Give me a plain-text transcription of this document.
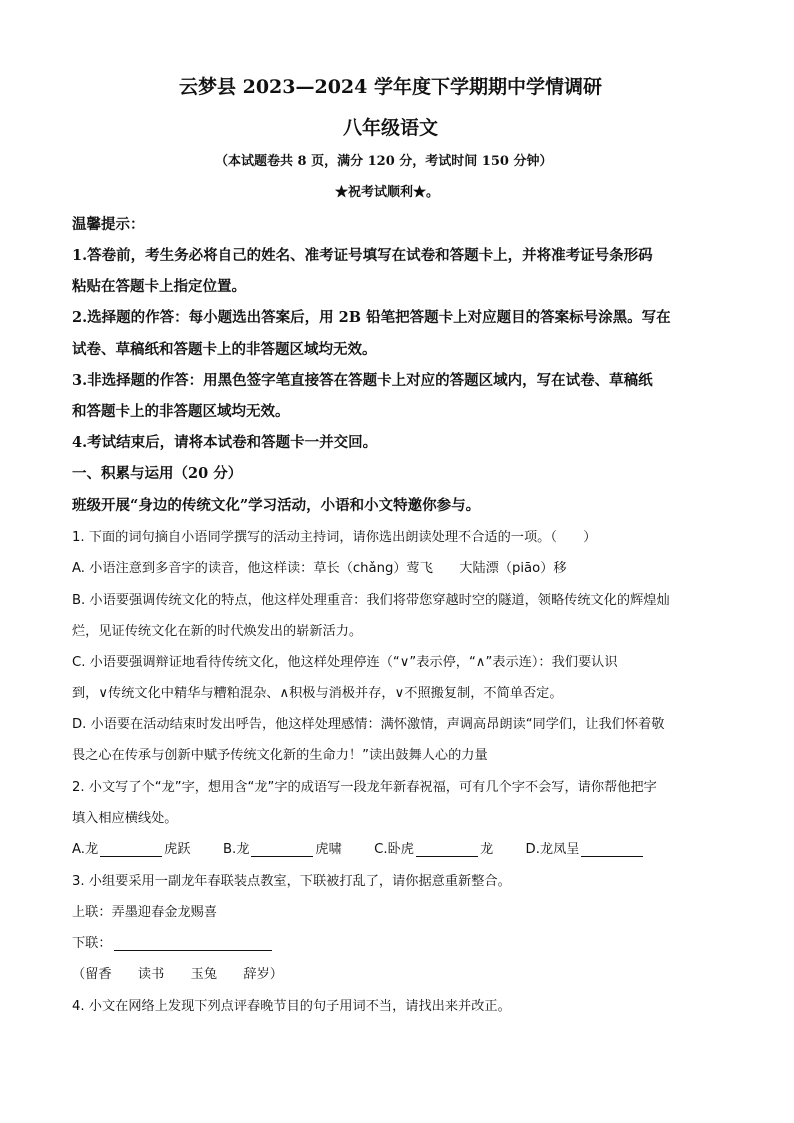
云梦县 2023—2024 学年度下学期期中学情调研
八年级语文
（本试题卷共 8 页，满分 120 分，考试时间 150 分钟）
★祝考试顺利★。
温馨提示：
1.答卷前，考生务必将自己的姓名、准考证号填写在试卷和答题卡上，并将准考证号条形码
粘贴在答题卡上指定位置。
2.选择题的作答：每小题选出答案后，用 2B 铅笔把答题卡上对应题目的答案标号涂黑。写在
试卷、草稿纸和答题卡上的非答题区域均无效。
3.非选择题的作答：用黑色签字笔直接答在答题卡上对应的答题区域内，写在试卷、草稿纸
和答题卡上的非答题区域均无效。
4.考试结束后，请将本试卷和答题卡一并交回。
一、积累与运用（20 分）
班级开展“身边的传统文化”学习活动，小语和小文特邀你参与。
1. 下面的词句摘自小语同学撰写的活动主持词，请你选出朗读处理不合适的一项。（　　）
A. 小语注意到多音字的读音，他这样读：草长（chǎng）莺飞　　大陆漂（piāo）移
B. 小语要强调传统文化的特点，他这样处理重音：我们将带您穿越时空的隧道，领略传统文化的辉煌灿
烂，见证传统文化在新的时代焕发出的崭新活力。
C. 小语要强调辩证地看待传统文化，他这样处理停连（“∨”表示停，“∧”表示连）：我们要认识
到，∨传统文化中精华与糟粕混杂、∧积极与消极并存，∨不照搬复制，不简单否定。
D. 小语要在活动结束时发出呼告，他这样处理感情：满怀激情，声调高昂朗读“同学们，让我们怀着敬
畏之心在传承与创新中赋予传统文化新的生命力！”读出鼓舞人心的力量
2. 小文写了个“龙”字，想用含“龙”字的成语写一段龙年新春祝福，可有几个字不会写，请你帮他把字
填入相应横线处。
A.龙	虎跃 B.龙	虎啸 C.卧虎	龙 D.龙凤呈
3. 小组要采用一副龙年春联装点教室，下联被打乱了，请你据意重新整合。
上联：弄墨迎春金龙赐喜
下联：
（留香　　读书　　玉兔　　辞岁）
4. 小文在网络上发现下列点评春晚节目的句子用词不当，请找出来并改正。
